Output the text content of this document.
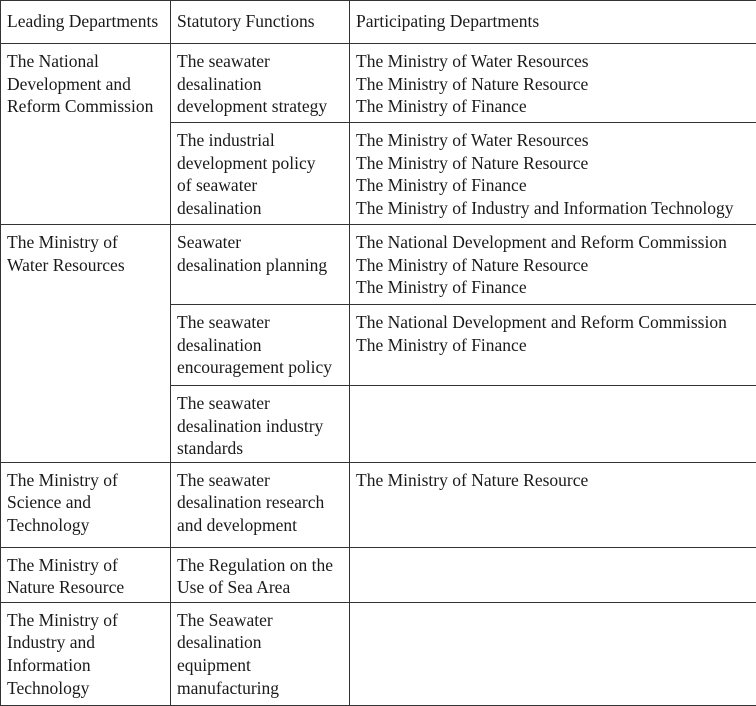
Leading Departments	Statutory Functions	Participating Departments

The National
Development and
Reform Commission	The seawater
desalination
development strategy	The Ministry of Water Resources
The Ministry of Nature Resource
The Ministry of Finance

	The industrial
development policy
of seawater
desalination	The Ministry of Water Resources
The Ministry of Nature Resource
The Ministry of Finance
The Ministry of Industry and Information Technology

The Ministry of
Water Resources	Seawater
desalination planning	The National Development and Reform Commission
The Ministry of Nature Resource
The Ministry of Finance

	The seawater
desalination
encouragement policy	The National Development and Reform Commission
The Ministry of Finance

	The seawater
desalination industry
standards	

The Ministry of
Science and
Technology	The seawater
desalination research
and development	The Ministry of Nature Resource

The Ministry of
Nature Resource	The Regulation on the
Use of Sea Area	

The Ministry of
Industry and
Information
Technology	The Seawater
desalination
equipment
manufacturing	
